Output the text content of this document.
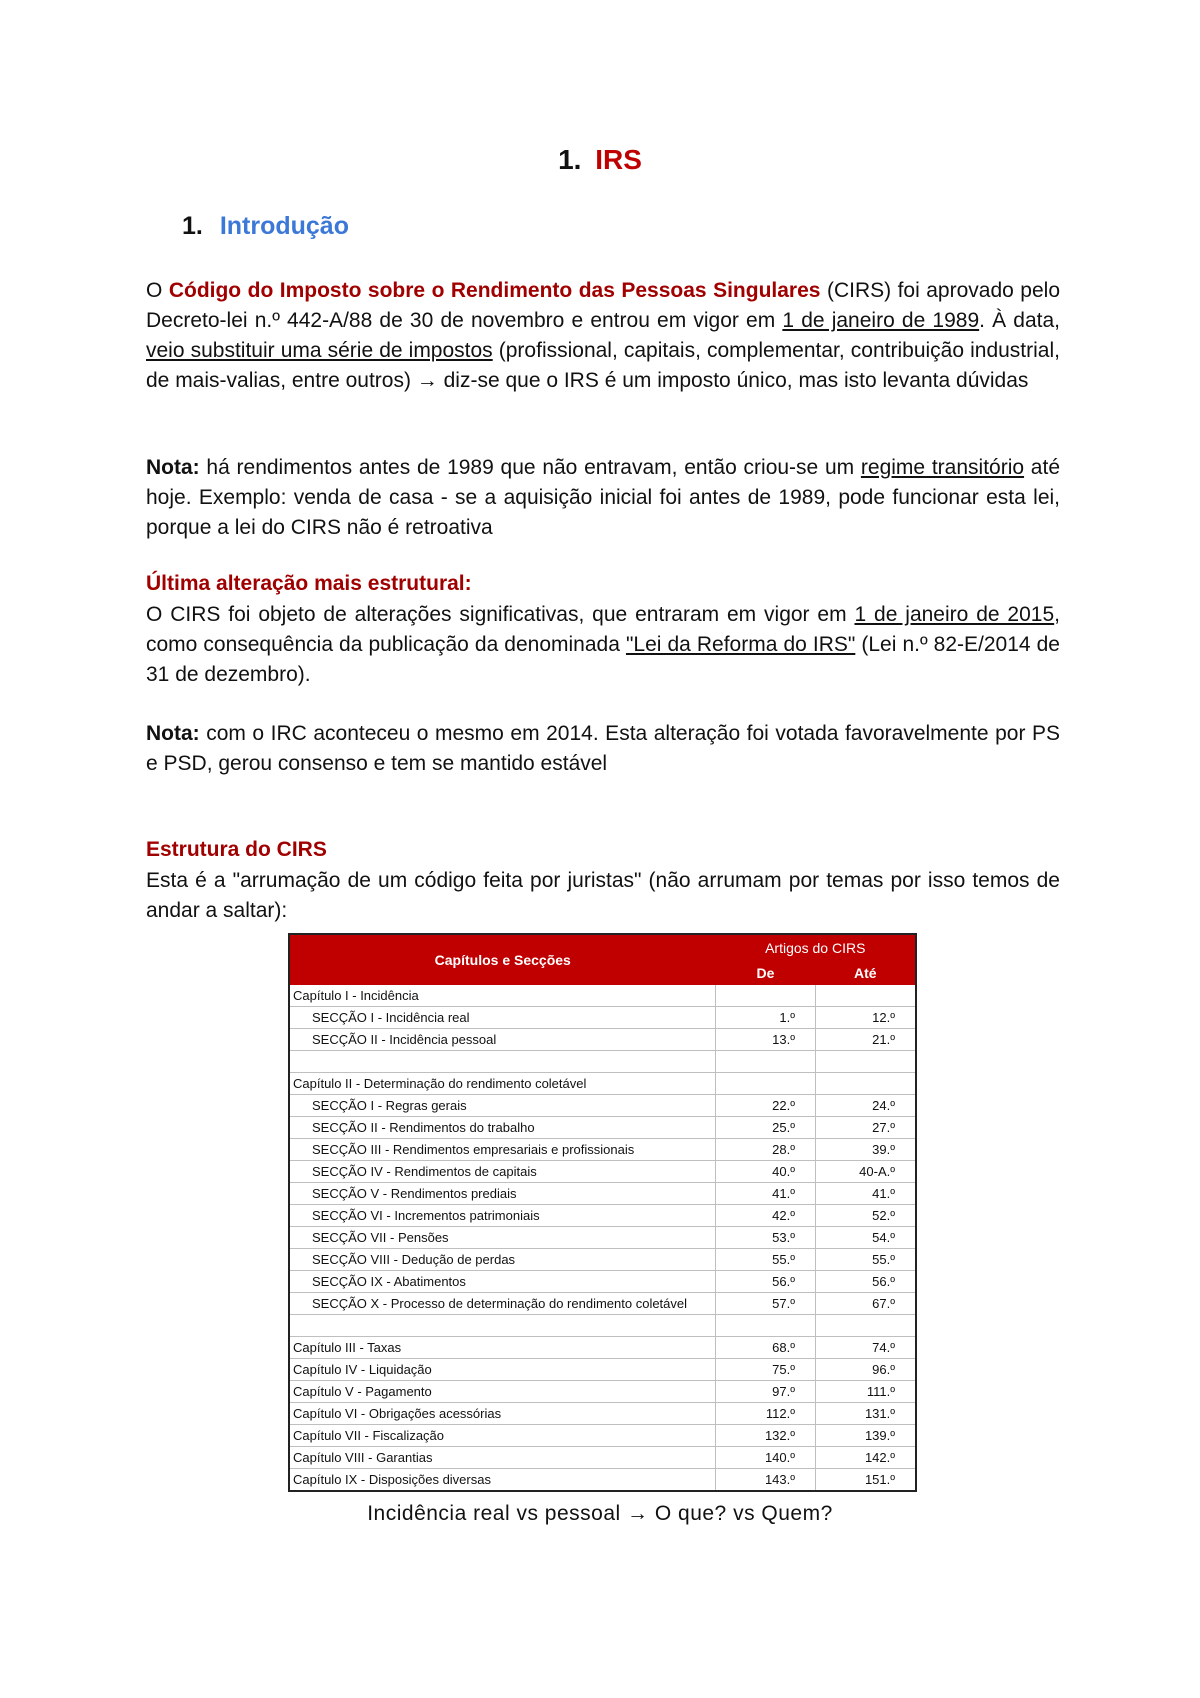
1. IRS
1. Introdução
O Código do Imposto sobre o Rendimento das Pessoas Singulares (CIRS) foi aprovado pelo Decreto-lei n.º 442-A/88 de 30 de novembro e entrou em vigor em 1 de janeiro de 1989. À data, veio substituir uma série de impostos (profissional, capitais, complementar, contribuição industrial, de mais-valias, entre outros) → diz-se que o IRS é um imposto único, mas isto levanta dúvidas
Nota: há rendimentos antes de 1989 que não entravam, então criou-se um regime transitório até hoje. Exemplo: venda de casa - se a aquisição inicial foi antes de 1989, pode funcionar esta lei, porque a lei do CIRS não é retroativa
Última alteração mais estrutural:
O CIRS foi objeto de alterações significativas, que entraram em vigor em 1 de janeiro de 2015, como consequência da publicação da denominada "Lei da Reforma do IRS" (Lei n.º 82-E/2014 de 31 de dezembro).
Nota: com o IRC aconteceu o mesmo em 2014. Esta alteração foi votada favoravelmente por PS e PSD, gerou consenso e tem se mantido estável
Estrutura do CIRS
Esta é a "arrumação de um código feita por juristas" (não arrumam por temas por isso temos de andar a saltar):
Capítulos e Secções	Artigos do CIRS	
	De	Até
Capítulo I - Incidência		
SECÇÃO I - Incidência real	1.º	12.º
SECÇÃO II - Incidência pessoal	13.º	21.º

Capítulo II - Determinação do rendimento coletável		
SECÇÃO I - Regras gerais	22.º	24.º
SECÇÃO II - Rendimentos do trabalho	25.º	27.º
SECÇÃO III - Rendimentos empresariais e profissionais	28.º	39.º
SECÇÃO IV - Rendimentos de capitais	40.º	40-A.º
SECÇÃO V - Rendimentos prediais	41.º	41.º
SECÇÃO VI - Incrementos patrimoniais	42.º	52.º
SECÇÃO VII - Pensões	53.º	54.º
SECÇÃO VIII - Dedução de perdas	55.º	55.º
SECÇÃO IX - Abatimentos	56.º	56.º
SECÇÃO X - Processo de determinação do rendimento coletável	57.º	67.º

Capítulo III - Taxas	68.º	74.º
Capítulo IV - Liquidação	75.º	96.º
Capítulo V - Pagamento	97.º	111.º
Capítulo VI - Obrigações acessórias	112.º	131.º
Capítulo VII - Fiscalização	132.º	139.º
Capítulo VIII - Garantias	140.º	142.º
Capítulo IX - Disposições diversas	143.º	151.º
Incidência real vs pessoal → O que? vs Quem?
